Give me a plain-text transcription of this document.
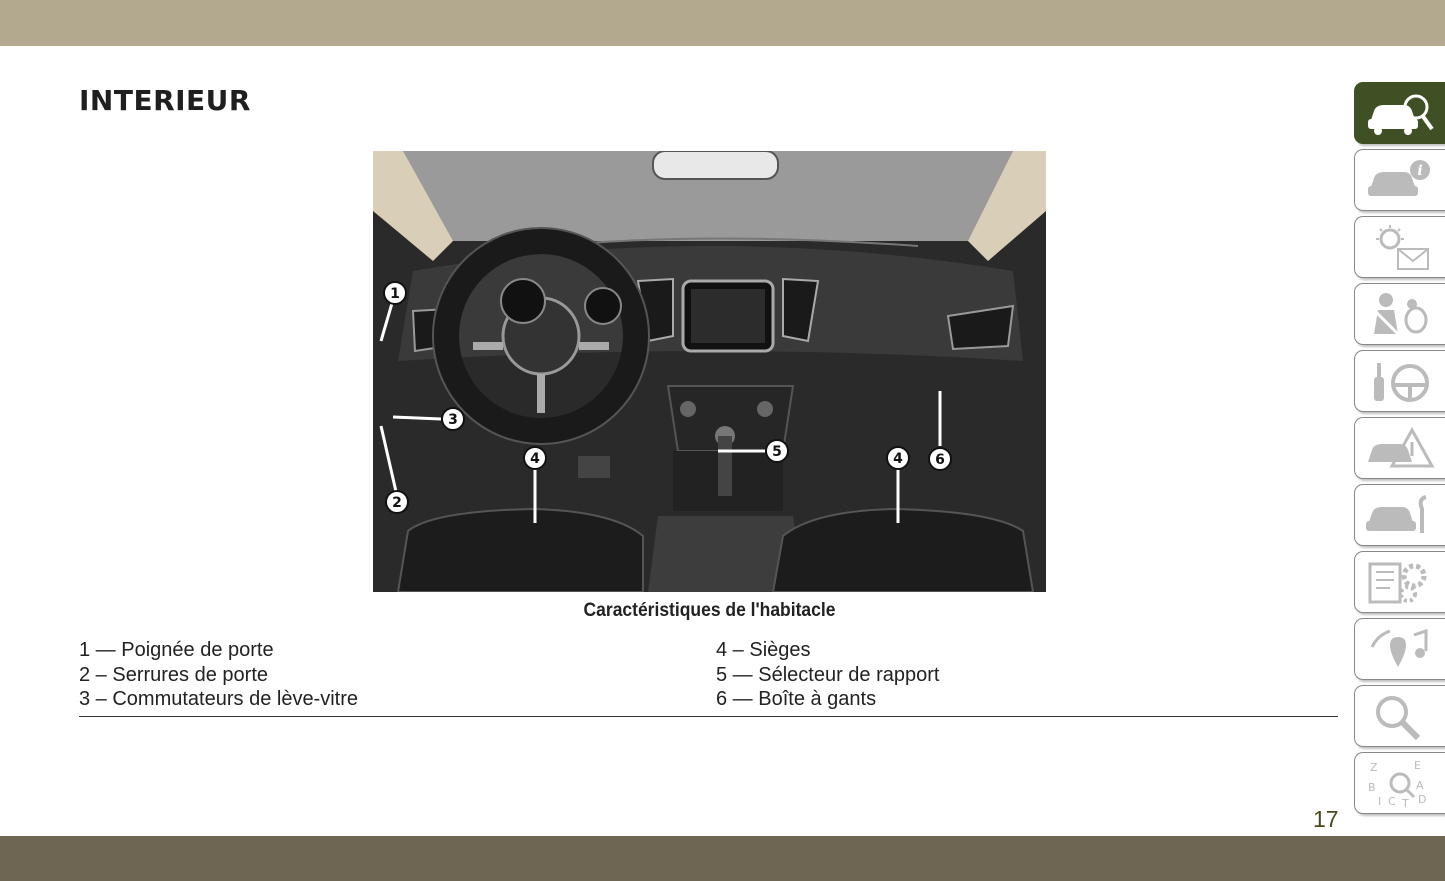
INTERIEUR
1
2
3
4	5	4 6
Caractéristiques de l'habitacle
1 — Poignée de porte
2 – Serrures de porte
3 – Commutateurs de lève-vitre
4 – Sièges
5 — Sélecteur de rapport
6 — Boîte à gants
i
Z	E
B	A
I C T D
17
